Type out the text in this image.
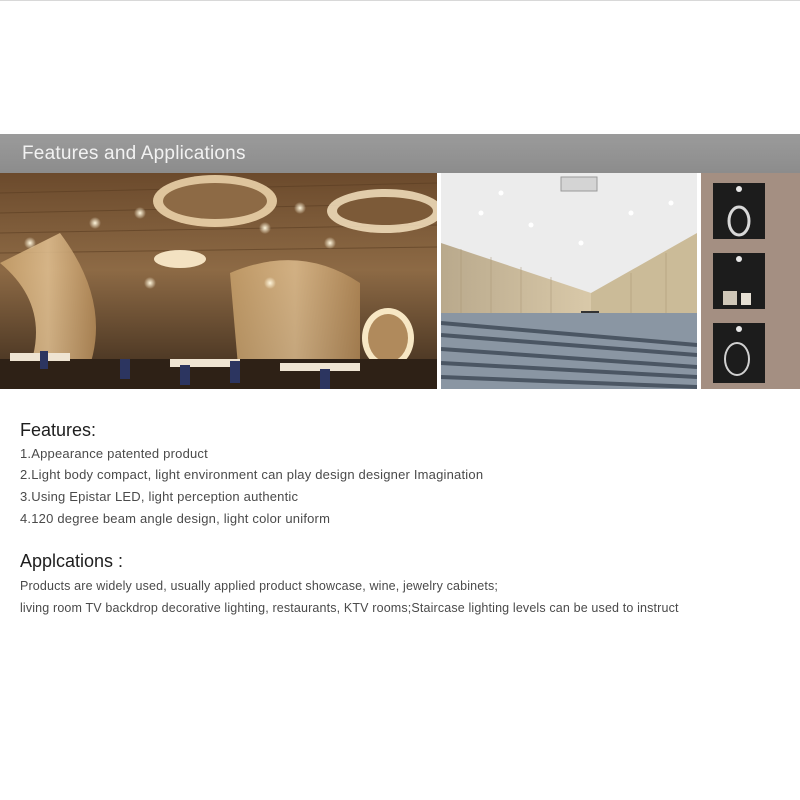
Features and Applications
Features:
1.Appearance patented product
2.Light body compact, light environment can play design designer Imagination
3.Using Epistar LED, light perception authentic
4.120 degree beam angle design, light color uniform
Applcations :
Products are widely used, usually applied product showcase, wine, jewelry cabinets;
living room TV backdrop decorative lighting, restaurants, KTV rooms;Staircase lighting levels can be used to instruct
